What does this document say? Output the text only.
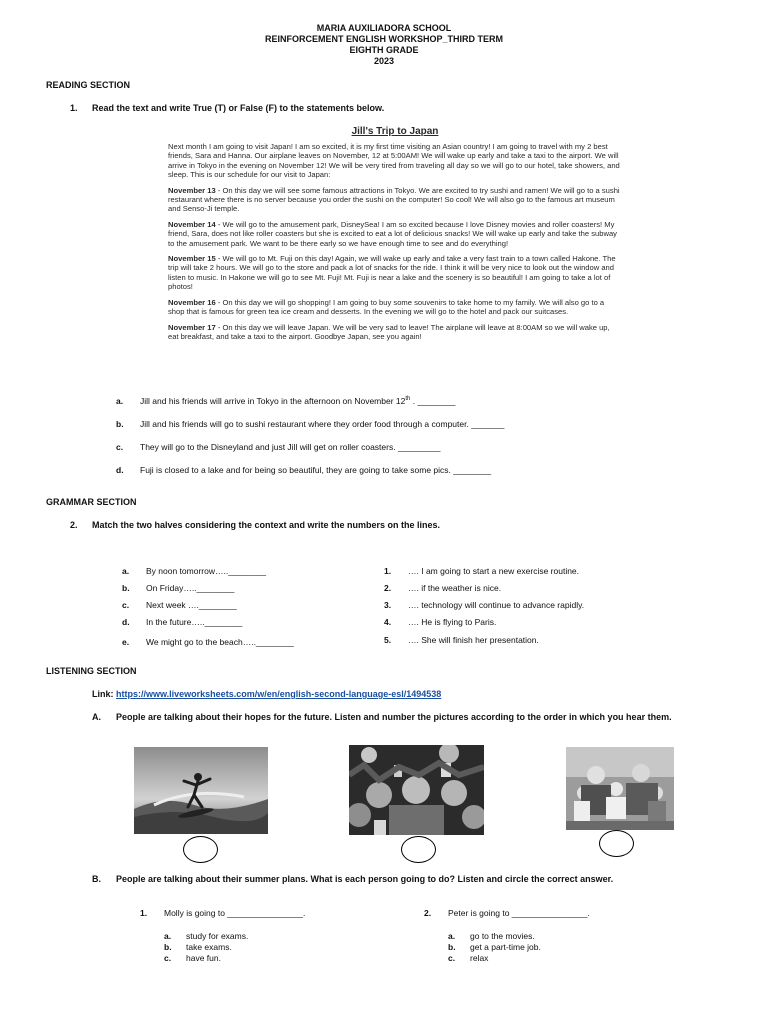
MARIA AUXILIADORA SCHOOL
REINFORCEMENT ENGLISH WORKSHOP_THIRD TERM
EIGHTH GRADE
2023
READING SECTION
1. Read the text and write True (T) or False (F) to the statements below.
Jill's Trip to Japan

Next month I am going to visit Japan! I am so excited, it is my first time visiting an Asian country! I am going to travel with my 2 best friends, Sara and Hanna. Our airplane leaves on November, 12 at 5:00AM! We will wake up early and take a taxi to the airport. We will arrive in Tokyo in the evening on November 12! We will be very tired from traveling all day so we will go to our hotel, take showers, and sleep. This is our schedule for our visit to Japan:

November 13 - On this day we will see some famous attractions in Tokyo. We are excited to try sushi and ramen! We will go to a sushi restaurant where there is no server because you order the sushi on the computer! So cool! We will also go to the famous art museum and Senso-Ji temple.

November 14 - We will go to the amusement park, DisneySea! I am so excited because I love Disney movies and roller coasters! My friend, Sara, does not like roller coasters but she is excited to eat a lot of delicious snacks! We will wake up early and take the subway to the amusement park. We want to be there early so we have enough time to see and do everything!

November 15 - We will go to Mt. Fuji on this day! Again, we will wake up early and take a very fast train to a town called Hakone. The trip will take 2 hours. We will go to the store and pack a lot of snacks for the ride. I think it will be very nice to look out the window and listen to music. In Hakone we will go to see Mt. Fuji! Mt. Fuji is near a lake and the scenery is so beautiful! I am going to take a lot of photos!

November 16 - On this day we will go shopping! I am going to buy some souvenirs to take home to my family. We will also go to a shop that is famous for green tea ice cream and desserts. In the evening we will go to the hotel and pack our suitcases.

November 17 - On this day we will leave Japan. We will be very sad to leave! The airplane will leave at 8:00AM so we will wake up, eat breakfast, and take a taxi to the airport. Goodbye Japan, see you again!

a. Jill and his friends will arrive in Tokyo in the afternoon on November 12th . ________
b. Jill and his friends will go to sushi restaurant where they order food through a computer. _______
c. They will go to the Disneyland and just Jill will get on roller coasters. _________
d. Fuji is closed to a lake and for being so beautiful, they are going to take some pics. ________
GRAMMAR SECTION
2. Match the two halves considering the context and write the numbers on the lines.
a. By noon tomorrow…..________
b. On Friday…..________
c. Next week ….________
d. In the future…..________
e. We might go to the beach…..________
1. …. I am going to start a new exercise routine.
2. …. if the weather is nice.
3. …. technology will continue to advance rapidly.
4. …. He is flying to Paris.
5. …. She will finish her presentation.
LISTENING SECTION
Link: https://www.liveworksheets.com/w/en/english-second-language-esl/1494538
A. People are talking about their hopes for the future. Listen and number the pictures according to the order in which you hear them.
B. People are talking about their summer plans. What is each person going to do? Listen and circle the correct answer.
1. Molly is going to ________________.
a. study for exams.
b. take exams.
c. have fun.
2. Peter is going to ________________.
a. go to the movies.
b. get a part-time job.
c. relax
